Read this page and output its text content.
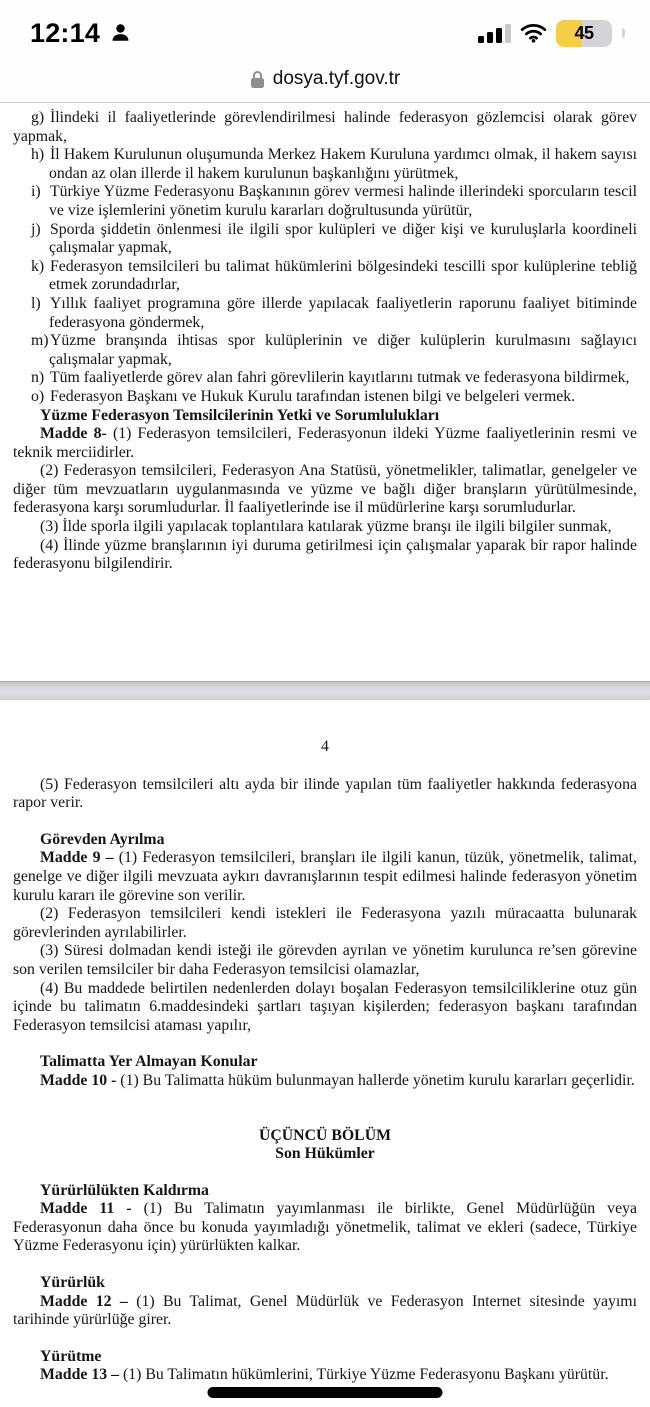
12:14	45
dosya.tyf.gov.tr
g) İlindeki il faaliyetlerinde görevlendirilmesi halinde federasyon gözlemcisi olarak görev yapmak,
h) İl Hakem Kurulunun oluşumunda Merkez Hakem Kuruluna yardımcı olmak, il hakem sayısı ondan az olan illerde il hakem kurulunun başkanlığını yürütmek,
i) Türkiye Yüzme Federasyonu Başkanının görev vermesi halinde illerindeki sporcuların tescil ve vize işlemlerini yönetim kurulu kararları doğrultusunda yürütür,
j) Sporda şiddetin önlenmesi ile ilgili spor kulüpleri ve diğer kişi ve kuruluşlarla koordineli çalışmalar yapmak,
k) Federasyon temsilcileri bu talimat hükümlerini bölgesindeki tescilli spor kulüplerine tebliğ etmek zorundadırlar,
l) Yıllık faaliyet programına göre illerde yapılacak faaliyetlerin raporunu faaliyet bitiminde federasyona göndermek,
m)Yüzme branşında ihtisas spor kulüplerinin ve diğer kulüplerin kurulmasını sağlayıcı çalışmalar yapmak,
n) Tüm faaliyetlerde görev alan fahri görevlilerin kayıtlarını tutmak ve federasyona bildirmek,
o) Federasyon Başkanı ve Hukuk Kurulu tarafından istenen bilgi ve belgeleri vermek.
Yüzme Federasyon Temsilcilerinin Yetki ve Sorumlulukları
Madde 8- (1) Federasyon temsilcileri, Federasyonun ildeki Yüzme faaliyetlerinin resmi ve teknik merciidirler.
(2) Federasyon temsilcileri, Federasyon Ana Statüsü, yönetmelikler, talimatlar, genelgeler ve diğer tüm mevzuatların uygulanmasında ve yüzme ve bağlı diğer branşların yürütülmesinde, federasyona karşı sorumludurlar. İl faaliyetlerinde ise il müdürlerine karşı sorumludurlar.
(3) İlde sporla ilgili yapılacak toplantılara katılarak yüzme branşı ile ilgili bilgiler sunmak,
(4) İlinde yüzme branşlarının iyi duruma getirilmesi için çalışmalar yaparak bir rapor halinde federasyonu bilgilendirir.
4
(5) Federasyon temsilcileri altı ayda bir ilinde yapılan tüm faaliyetler hakkında federasyona rapor verir.
Görevden Ayrılma
Madde 9 – (1) Federasyon temsilcileri, branşları ile ilgili kanun, tüzük, yönetmelik, talimat, genelge ve diğer ilgili mevzuata aykırı davranışlarının tespit edilmesi halinde federasyon yönetim kurulu kararı ile görevine son verilir.
(2) Federasyon temsilcileri kendi istekleri ile Federasyona yazılı müracaatta bulunarak görevlerinden ayrılabilirler.
(3) Süresi dolmadan kendi isteği ile görevden ayrılan ve yönetim kurulunca re’sen görevine son verilen temsilciler bir daha Federasyon temsilcisi olamazlar,
(4) Bu maddede belirtilen nedenlerden dolayı boşalan Federasyon temsilciliklerine otuz gün içinde bu talimatın 6.maddesindeki şartları taşıyan kişilerden; federasyon başkanı tarafından Federasyon temsilcisi ataması yapılır,
Talimatta Yer Almayan Konular
Madde 10 - (1) Bu Talimatta hüküm bulunmayan hallerde yönetim kurulu kararları geçerlidir.
ÜÇÜNCÜ BÖLÜM
Son Hükümler
Yürürlülükten Kaldırma
Madde 11 - (1) Bu Talimatın yayımlanması ile birlikte, Genel Müdürlüğün veya Federasyonun daha önce bu konuda yayımladığı yönetmelik, talimat ve ekleri (sadece, Türkiye Yüzme Federasyonu için) yürürlükten kalkar.
Yürürlük
Madde 12 – (1) Bu Talimat, Genel Müdürlük ve Federasyon Internet sitesinde yayımı tarihinde yürürlüğe girer.
Yürütme
Madde 13 – (1) Bu Talimatın hükümlerini, Türkiye Yüzme Federasyonu Başkanı yürütür.
